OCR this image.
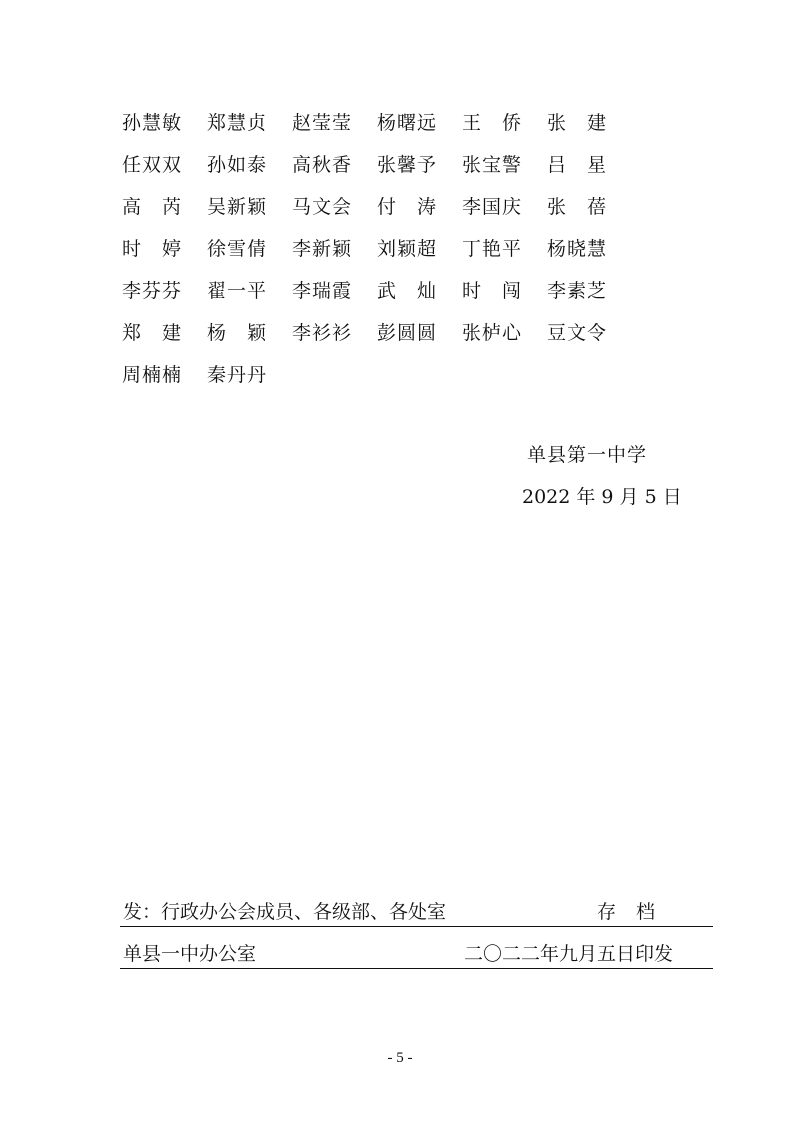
孙慧敏	郑慧贞	赵莹莹	杨曙远	王　侨	张　建
任双双	孙如泰	高秋香	张馨予	张宝警	吕　星
高　芮	吴新颖	马文会	付　涛	李国庆	张　蓓
时　婷	徐雪倩	李新颖	刘颖超	丁艳平	杨晓慧
李芬芬	翟一平	李瑞霞	武　灿	时　闯	李素芝
郑　建	杨　颖	李衫衫	彭圆圆	张栌心	豆文令
周楠楠	秦丹丹
单县第一中学
2022 年 9 月 5 日
发：行政办公会成员、各级部、各处室	存档
单县一中办公室	二〇二二年九月五日印发
- 5 -
